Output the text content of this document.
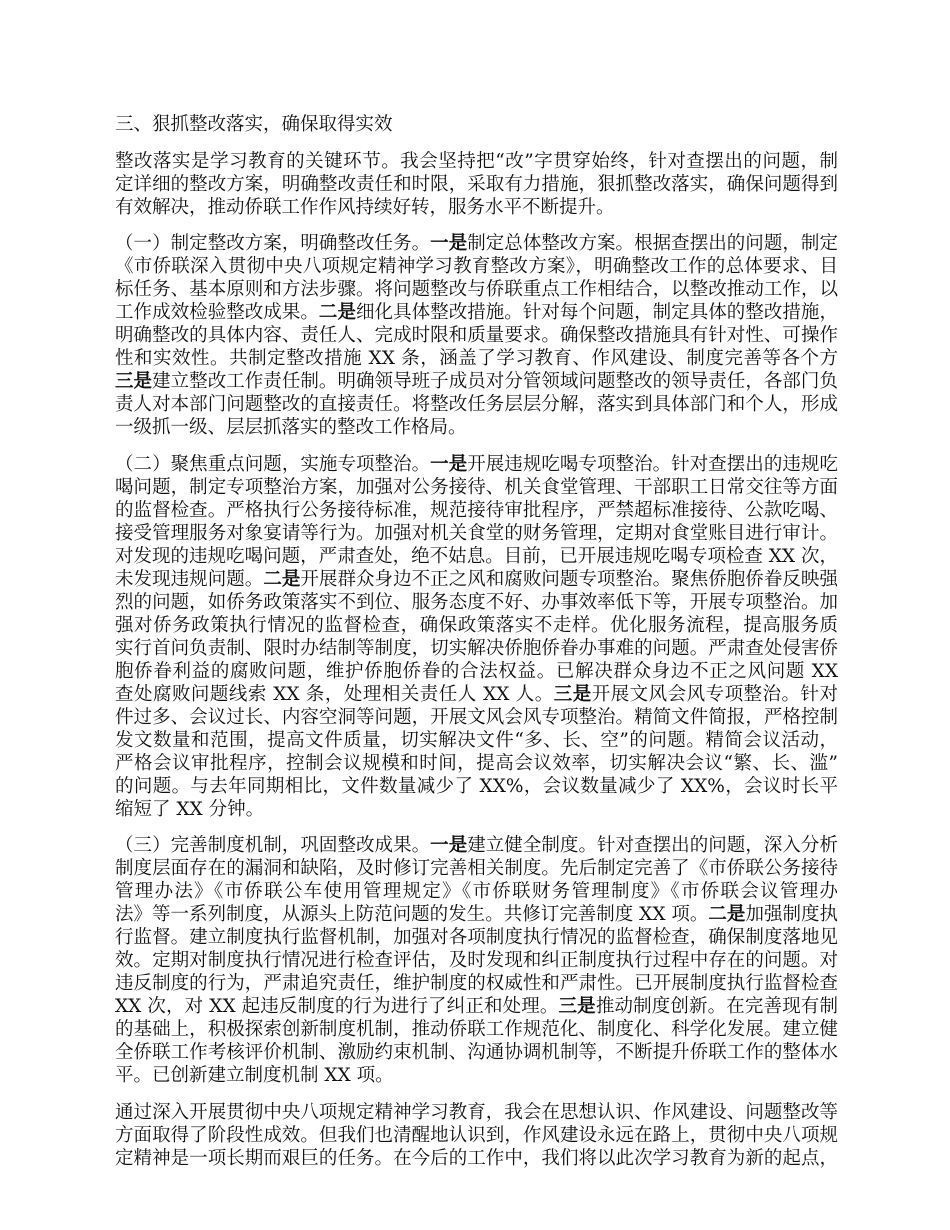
三、狠抓整改落实，确保取得实效
整改落实是学习教育的关键环节。我会坚持把“改”字贯穿始终，针对查摆出的问题，制
定详细的整改方案，明确整改责任和时限，采取有力措施，狠抓整改落实，确保问题得到
有效解决，推动侨联工作作风持续好转，服务水平不断提升。
（一）制定整改方案，明确整改任务。一是制定总体整改方案。根据查摆出的问题，制定
《市侨联深入贯彻中央八项规定精神学习教育整改方案》，明确整改工作的总体要求、目
标任务、基本原则和方法步骤。将问题整改与侨联重点工作相结合，以整改推动工作，以
工作成效检验整改成果。二是细化具体整改措施。针对每个问题，制定具体的整改措施，
明确整改的具体内容、责任人、完成时限和质量要求。确保整改措施具有针对性、可操作
性和实效性。共制定整改措施 XX 条，涵盖了学习教育、作风建设、制度完善等各个方
三是建立整改工作责任制。明确领导班子成员对分管领域问题整改的领导责任，各部门负
责人对本部门问题整改的直接责任。将整改任务层层分解，落实到具体部门和个人，形成
一级抓一级、层层抓落实的整改工作格局。
（二）聚焦重点问题，实施专项整治。一是开展违规吃喝专项整治。针对查摆出的违规吃
喝问题，制定专项整治方案，加强对公务接待、机关食堂管理、干部职工日常交往等方面
的监督检查。严格执行公务接待标准，规范接待审批程序，严禁超标准接待、公款吃喝、
接受管理服务对象宴请等行为。加强对机关食堂的财务管理，定期对食堂账目进行审计。
对发现的违规吃喝问题，严肃查处，绝不姑息。目前，已开展违规吃喝专项检查 XX 次，
未发现违规问题。二是开展群众身边不正之风和腐败问题专项整治。聚焦侨胞侨眷反映强
烈的问题，如侨务政策落实不到位、服务态度不好、办事效率低下等，开展专项整治。加
强对侨务政策执行情况的监督检查，确保政策落实不走样。优化服务流程，提高服务质
实行首问负责制、限时办结制等制度，切实解决侨胞侨眷办事难的问题。严肃查处侵害侨
胞侨眷利益的腐败问题，维护侨胞侨眷的合法权益。已解决群众身边不正之风问题 XX
查处腐败问题线索 XX 条，处理相关责任人 XX 人。三是开展文风会风专项整治。针对
件过多、会议过长、内容空洞等问题，开展文风会风专项整治。精简文件简报，严格控制
发文数量和范围，提高文件质量，切实解决文件“多、长、空”的问题。精简会议活动，
严格会议审批程序，控制会议规模和时间，提高会议效率，切实解决会议“繁、长、滥”
的问题。与去年同期相比，文件数量减少了 XX%，会议数量减少了 XX%，会议时长平
缩短了 XX 分钟。
（三）完善制度机制，巩固整改成果。一是建立健全制度。针对查摆出的问题，深入分析
制度层面存在的漏洞和缺陷，及时修订完善相关制度。先后制定完善了《市侨联公务接待
管理办法》《市侨联公车使用管理规定》《市侨联财务管理制度》《市侨联会议管理办
法》等一系列制度，从源头上防范问题的发生。共修订完善制度 XX 项。二是加强制度执
行监督。建立制度执行监督机制，加强对各项制度执行情况的监督检查，确保制度落地见
效。定期对制度执行情况进行检查评估，及时发现和纠正制度执行过程中存在的问题。对
违反制度的行为，严肃追究责任，维护制度的权威性和严肃性。已开展制度执行监督检查
XX 次，对 XX 起违反制度的行为进行了纠正和处理。三是推动制度创新。在完善现有制
的基础上，积极探索创新制度机制，推动侨联工作规范化、制度化、科学化发展。建立健
全侨联工作考核评价机制、激励约束机制、沟通协调机制等，不断提升侨联工作的整体水
平。已创新建立制度机制 XX 项。
通过深入开展贯彻中央八项规定精神学习教育，我会在思想认识、作风建设、问题整改等
方面取得了阶段性成效。但我们也清醒地认识到，作风建设永远在路上，贯彻中央八项规
定精神是一项长期而艰巨的任务。在今后的工作中，我们将以此次学习教育为新的起点，
